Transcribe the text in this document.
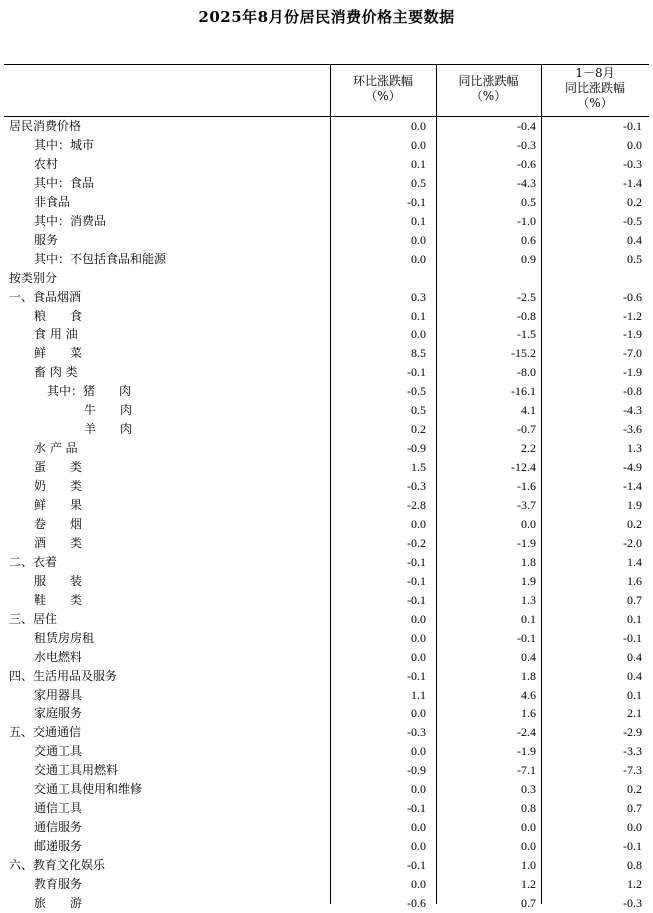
2025年8月份居民消费价格主要数据
环比涨跌幅
（%）
同比涨跌幅
（%）
1－8月
同比涨跌幅
（%）
居民消费价格	0.0	-0.4	-0.1
其中：城市	0.0	-0.3	0.0
农村	0.1	-0.6	-0.3
其中：食品	0.5	-4.3	-1.4
非食品	-0.1	0.5	0.2
其中：消费品	0.1	-1.0	-0.5
服务	0.0	0.6	0.4
其中：不包括食品和能源	0.0	0.9	0.5
按类别分
一、食品烟酒	0.3	-2.5	-0.6
粮　　食	0.1	-0.8	-1.2
食 用 油	0.0	-1.5	-1.9
鲜　　菜	8.5	-15.2	-7.0
畜 肉 类	-0.1	-8.0	-1.9
其中：猪　　肉	-0.5	-16.1	-0.8
牛　　肉	0.5	4.1	-4.3
羊　　肉	0.2	-0.7	-3.6
水 产 品	-0.9	2.2	1.3
蛋　　类	1.5	-12.4	-4.9
奶　　类	-0.3	-1.6	-1.4
鲜　　果	-2.8	-3.7	1.9
卷　　烟	0.0	0.0	0.2
酒　　类	-0.2	-1.9	-2.0
二、衣着	-0.1	1.8	1.4
服　　装	-0.1	1.9	1.6
鞋　　类	-0.1	1.3	0.7
三、居住	0.0	0.1	0.1
租赁房房租	0.0	-0.1	-0.1
水电燃料	0.0	0.4	0.4
四、生活用品及服务	-0.1	1.8	0.4
家用器具	1.1	4.6	0.1
家庭服务	0.0	1.6	2.1
五、交通通信	-0.3	-2.4	-2.9
交通工具	0.0	-1.9	-3.3
交通工具用燃料	-0.9	-7.1	-7.3
交通工具使用和维修	0.0	0.3	0.2
通信工具	-0.1	0.8	0.7
通信服务	0.0	0.0	0.0
邮递服务	0.0	0.0	-0.1
六、教育文化娱乐	-0.1	1.0	0.8
教育服务	0.0	1.2	1.2
旅　　游	-0.6	0.7	-0.3
